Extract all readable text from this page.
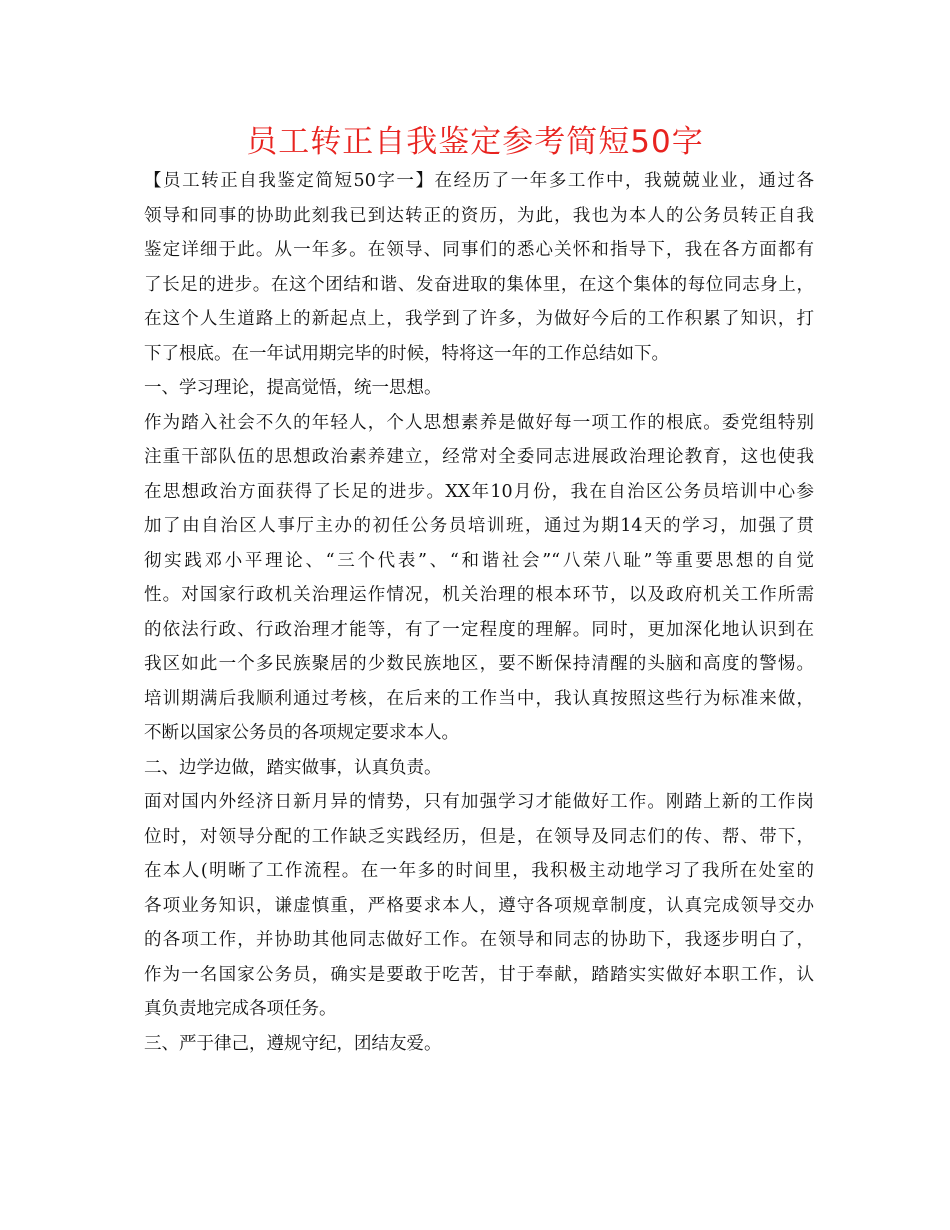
员工转正自我鉴定参考简短50字
【员工转正自我鉴定简短50字一】在经历了一年多工作中，我兢兢业业，通过各
领导和同事的协助此刻我已到达转正的资历，为此，我也为本人的公务员转正自我
鉴定详细于此。从一年多。在领导、同事们的悉心关怀和指导下，我在各方面都有
了长足的进步。在这个团结和谐、发奋进取的集体里，在这个集体的每位同志身上，
在这个人生道路上的新起点上，我学到了许多，为做好今后的工作积累了知识，打
下了根底。在一年试用期完毕的时候，特将这一年的工作总结如下。
一、学习理论，提高觉悟，统一思想。
作为踏入社会不久的年轻人，个人思想素养是做好每一项工作的根底。委党组特别
注重干部队伍的思想政治素养建立，经常对全委同志进展政治理论教育，这也使我
在思想政治方面获得了长足的进步。XX年10月份，我在自治区公务员培训中心参
加了由自治区人事厅主办的初任公务员培训班，通过为期14天的学习，加强了贯
彻实践邓小平理论、“三个代表”、“和谐社会”“八荣八耻”等重要思想的自觉
性。对国家行政机关治理运作情况，机关治理的根本环节，以及政府机关工作所需
的依法行政、行政治理才能等，有了一定程度的理解。同时，更加深化地认识到在
我区如此一个多民族聚居的少数民族地区，要不断保持清醒的头脑和高度的警惕。
培训期满后我顺利通过考核，在后来的工作当中，我认真按照这些行为标准来做，
不断以国家公务员的各项规定要求本人。
二、边学边做，踏实做事，认真负责。
面对国内外经济日新月异的情势，只有加强学习才能做好工作。刚踏上新的工作岗
位时，对领导分配的工作缺乏实践经历，但是，在领导及同志们的传、帮、带下，
在本人(明晰了工作流程。在一年多的时间里，我积极主动地学习了我所在处室的
各项业务知识，谦虚慎重，严格要求本人，遵守各项规章制度，认真完成领导交办
的各项工作，并协助其他同志做好工作。在领导和同志的协助下，我逐步明白了，
作为一名国家公务员，确实是要敢于吃苦，甘于奉献，踏踏实实做好本职工作，认
真负责地完成各项任务。
三、严于律己，遵规守纪，团结友爱。
